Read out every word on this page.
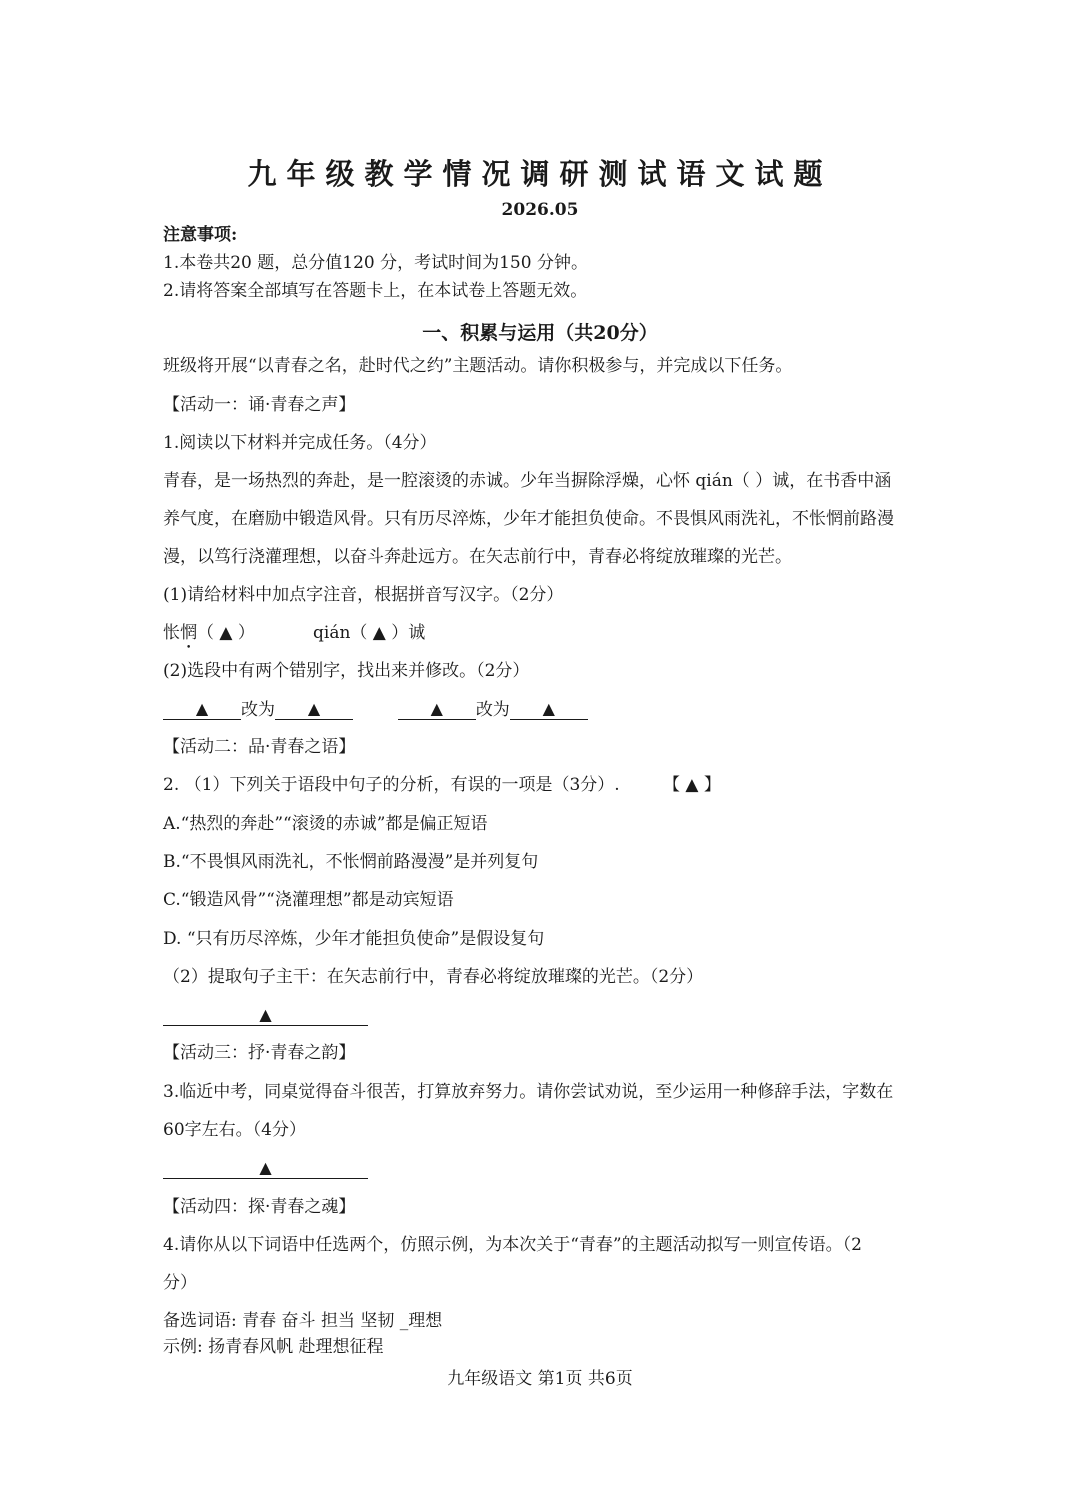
九年级教学情况调研测试语文试题
2026.05
注意事项:
1.本卷共20 题，总分值120 分，考试时间为150 分钟。
2.请将答案全部填写在答题卡上，在本试卷上答题无效。
一、积累与运用（共20分）
班级将开展“以青春之名，赴时代之约”主题活动。请你积极参与，并完成以下任务。
【活动一：诵·青春之声】
1.阅读以下材料并完成任务。（4分）
青春，是一场热烈的奔赴，是一腔滚烫的赤诚。少年当摒除浮燥，心怀 qián（ ）诚，在书香中涵
养气度，在磨励中锻造风骨。只有历尽淬炼，少年才能担负使命。不畏惧风雨洗礼，不怅惘前路漫
漫，以笃行浇灌理想，以奋斗奔赴远方。在矢志前行中，青春必将绽放璀璨的光芒。
(1)请给材料中加点字注音，根据拼音写汉字。（2分）
怅惘（ ▲ ）	qián（ ▲ ）诚
(2)选段中有两个错别字，找出来并修改。（2分）
▲ 改为 ▲	▲ 改为 ▲
【活动二：品·青春之语】
2. （1）下列关于语段中句子的分析，有误的一项是（3分）.	【 ▲ 】
A.“热烈的奔赴”“滚烫的赤诚”都是偏正短语
B.“不畏惧风雨洗礼，不怅惘前路漫漫”是并列复句
C.“锻造风骨”“浇灌理想”都是动宾短语
D. “只有历尽淬炼，少年才能担负使命”是假设复句
（2）提取句子主干：在矢志前行中，青春必将绽放璀璨的光芒。（2分）
▲
【活动三：抒·青春之韵】
3.临近中考，同桌觉得奋斗很苦，打算放弃努力。请你尝试劝说，至少运用一种修辞手法，字数在
60字左右。（4分）
▲
【活动四：探·青春之魂】
4.请你从以下词语中任选两个，仿照示例，为本次关于“青春”的主题活动拟写一则宣传语。（2
分）
备选词语: 青春 奋斗 担当 坚韧 _理想
示例: 扬青春风帆 赴理想征程
九年级语文 第1页 共6页
